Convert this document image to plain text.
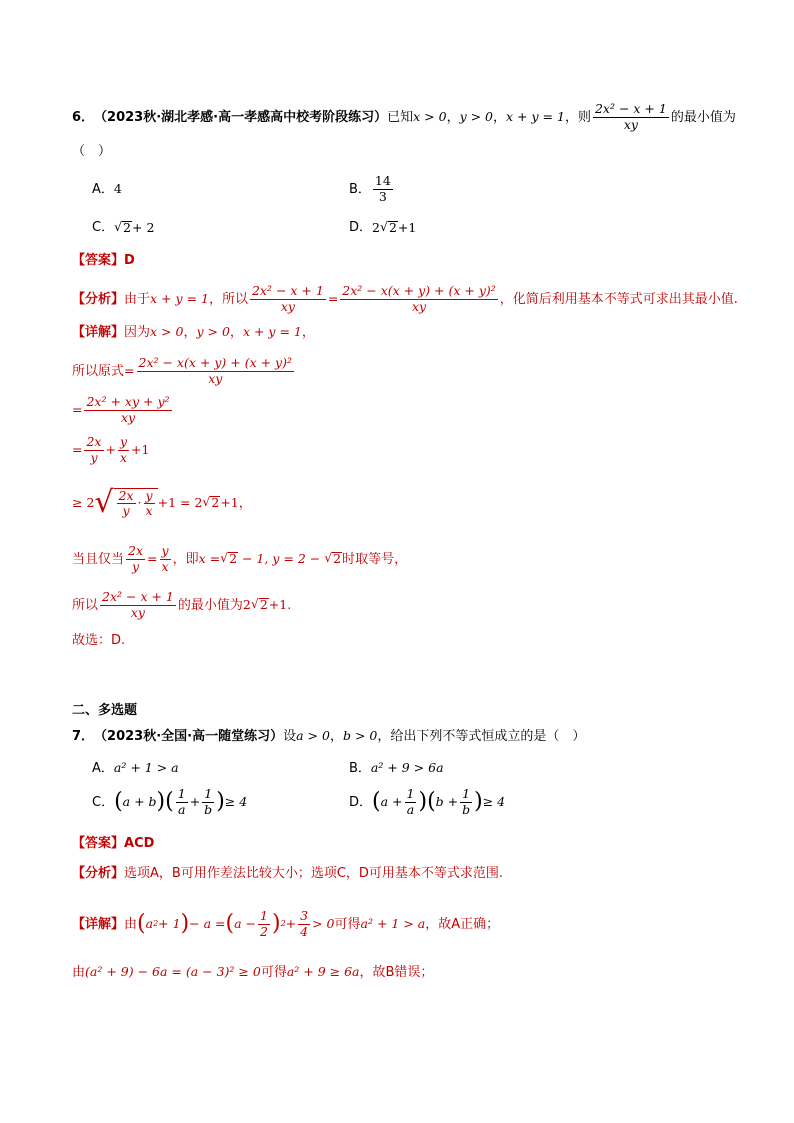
6． （2023秋·湖北孝感·高一孝感高中校考阶段练习） 已知 x > 0 ， y > 0 ， x + y = 1 ，则 $\frac{\text{2x² − x + 1}}{xy}$ 的最小值为
（　）
A． 4	B． $\frac{14}{3}$
C． √ 2 + 2	D． 2 √ 2 +1
【答案】 D
【分析】 由于 x + y = 1 ，所以 $\frac{\text{2x² − x + 1}}{xy} = \frac{\text{2x² − x(x + y) + (x + y)²}}{xy}$ ，化简后利用基本不等式可求出其最小值.
【详解】 因为 x > 0 ， y > 0 ， x + y = 1 ，
所以原式 = $\frac{\text{2x² − x(x + y) + (x + y)²}}{xy}$
= $\frac{\text{2x² + xy + y²}}{xy}$
= $\frac{2x}{y} + \frac{y}{x} +1$
≥ 2 √ $\frac{2x}{y} \cdot \frac{y}{x} +1 = 2$ √ 2 +1 ，
当且仅当 $\frac{2x}{y} = \frac{y}{x}$ ，即 x = √ 2 − 1, y = 2 − √ 2 时取等号，
所以 $\frac{\text{2x² − x + 1}}{xy}$ 的最小值为 2 √ 2 +1.
故选：D.
二、多选题
7． （2023秋·全国·高一随堂练习） 设 a > 0 ， b > 0 ，给出下列不等式恒成立的是（　）
A． a² + 1 > a	B． a² + 9 > 6a
C． ( a + b ) ( $\frac{1}{a} + \frac{1}{b}$ ) ≥ 4	D． ( $a + \frac{1}{a}$ ) ( $b + \frac{1}{b}$ ) ≥ 4
【答案】 ACD
【分析】 选项A，B可用作差法比较大小；选项C，D可用基本不等式求范围.
【详解】 由 ( a 2 + 1 ) − a = ( $a - \frac{1}{2}$ ) $2 + \frac{3}{4} > 0$ 可得 a² + 1 > a ，故A正确；
由 (a² + 9) − 6a = (a − 3)² ≥ 0 可得 a² + 9 ≥ 6a ，故B错误；
